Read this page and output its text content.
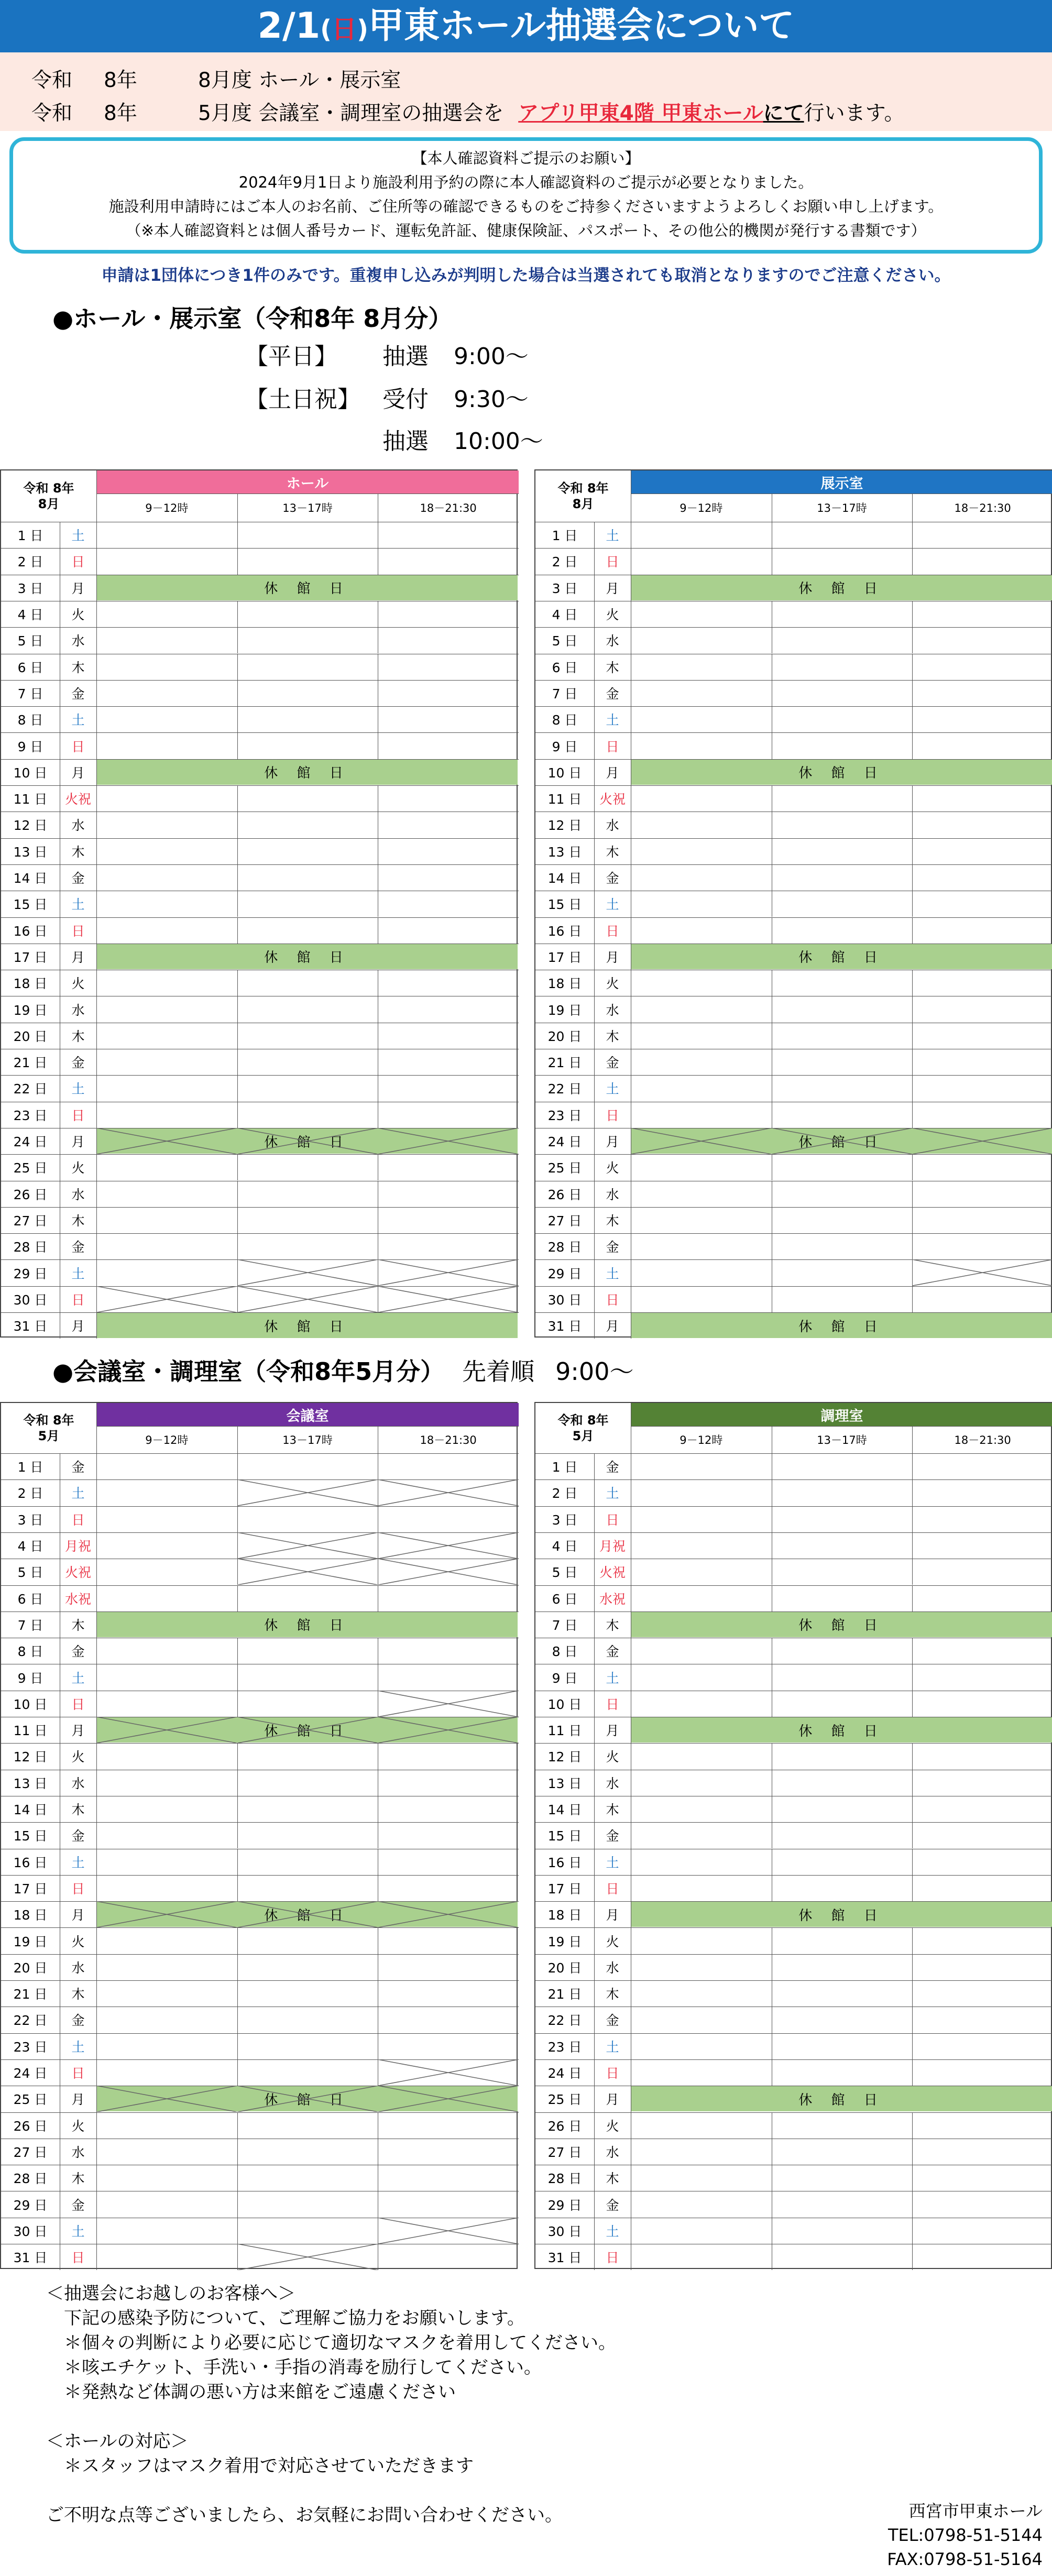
2/1(日)甲東ホール抽選会について
令和 8年	8月度 ホール・展示室
令和 8年	5月度 会議室・調理室の抽選会を アプリ甲東4階 甲東ホールにて行います。
【本人確認資料ご提示のお願い】
2024年9月1日より施設利用予約の際に本人確認資料のご提示が必要となりました。
施設利用申請時にはご本人のお名前、ご住所等の確認できるものをご持参くださいますようよろしくお願い申し上げます。
（※本人確認資料とは個人番号カード、運転免許証、健康保険証、パスポート、その他公的機関が発行する書類です）
申請は1団体につき1件のみです。重複申し込みが判明した場合は当選されても取消となりますのでご注意ください。
●ホール・展示室（令和8年 8月分）
【平日】 抽選 9:00～
【土日祝】 受付 9:30～
抽選 10:00～
●会議室・調理室（令和8年5月分） 先着順 9:00～
令和 8年
8月
ホール
9－12時	13－17時	18－21:30
1 日	土
2 日	日
3 日	月	休 館 日
4 日	火
5 日	水
6 日	木
7 日	金
8 日	土
9 日	日
10 日	月	休 館 日
11 日	火祝
12 日	水
13 日	木
14 日	金
15 日	土
16 日	日
17 日	月	休 館 日
18 日	火
19 日	水
20 日	木
21 日	金
22 日	土
23 日	日
24 日	月	休 館 日
25 日	火
26 日	水
27 日	木
28 日	金
29 日	土
30 日	日
31 日	月	休 館 日
令和 8年
8月
展示室
9－12時	13－17時	18－21:30
1 日	土
2 日	日
3 日	月	休 館 日
4 日	火
5 日	水
6 日	木
7 日	金
8 日	土
9 日	日
10 日	月	休 館 日
11 日	火祝
12 日	水
13 日	木
14 日	金
15 日	土
16 日	日
17 日	月	休 館 日
18 日	火
19 日	水
20 日	木
21 日	金
22 日	土
23 日	日
24 日	月	休 館 日
25 日	火
26 日	水
27 日	木
28 日	金
29 日	土
30 日	日
31 日	月	休 館 日
令和 8年
5月
会議室
9－12時	13－17時	18－21:30
1 日	金
2 日	土
3 日	日
4 日	月祝
5 日	火祝
6 日	水祝
7 日	木	休 館 日
8 日	金
9 日	土
10 日	日
11 日	月	休 館 日
12 日	火
13 日	水
14 日	木
15 日	金
16 日	土
17 日	日
18 日	月	休 館 日
19 日	火
20 日	水
21 日	木
22 日	金
23 日	土
24 日	日
25 日	月	休 館 日
26 日	火
27 日	水
28 日	木
29 日	金
30 日	土
31 日	日
令和 8年
5月
調理室
9－12時	13－17時	18－21:30
1 日	金
2 日	土
3 日	日
4 日	月祝
5 日	火祝
6 日	水祝
7 日	木	休 館 日
8 日	金
9 日	土
10 日	日
11 日	月	休 館 日
12 日	火
13 日	水
14 日	木
15 日	金
16 日	土
17 日	日
18 日	月	休 館 日
19 日	火
20 日	水
21 日	木
22 日	金
23 日	土
24 日	日
25 日	月	休 館 日
26 日	火
27 日	水
28 日	木
29 日	金
30 日	土
31 日	日
＜抽選会にお越しのお客様へ＞
　下記の感染予防について、ご理解ご協力をお願いします。
　＊個々の判断により必要に応じて適切なマスクを着用してください。
　＊咳エチケット、手洗い・手指の消毒を励行してください。
　＊発熱など体調の悪い方は来館をご遠慮ください

＜ホールの対応＞
　＊スタッフはマスク着用で対応させていただきます

ご不明な点等ございましたら、お気軽にお問い合わせください。	西宮市甲東ホール
TEL:0798-51-5144
FAX:0798-51-5164
